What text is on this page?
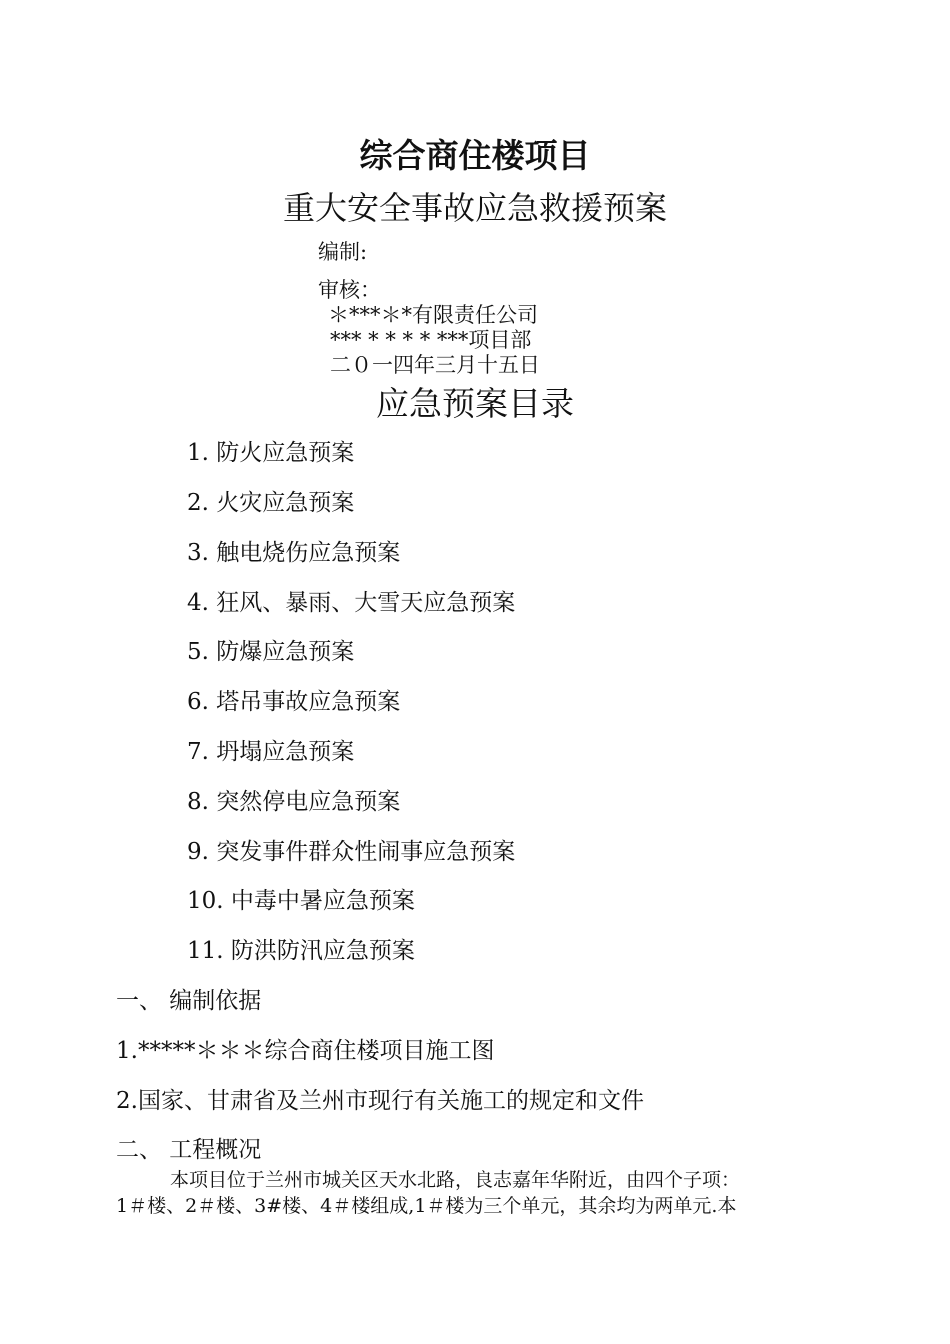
综合商住楼项目
重大安全事故应急救援预案
编制:
审核：
＊***＊*有限责任公司
*** * * * * ***项目部
二０一四年三月十五日
应急预案目录
1. 防火应急预案
2. 火灾应急预案
3. 触电烧伤应急预案
4. 狂风、暴雨、大雪天应急预案
5. 防爆应急预案
6. 塔吊事故应急预案
7. 坍塌应急预案
8. 突然停电应急预案
9. 突发事件群众性闹事应急预案
10. 中毒中暑应急预案
11. 防洪防汛应急预案
一、 编制依据
1.*****＊＊＊综合商住楼项目施工图
2.国家、甘肃省及兰州市现行有关施工的规定和文件
二、 工程概况
本项目位于兰州市城关区天水北路，良志嘉年华附近，由四个子项：
1＃楼、2＃楼、3#楼、4＃楼组成,1＃楼为三个单元，其余均为两单元.本
